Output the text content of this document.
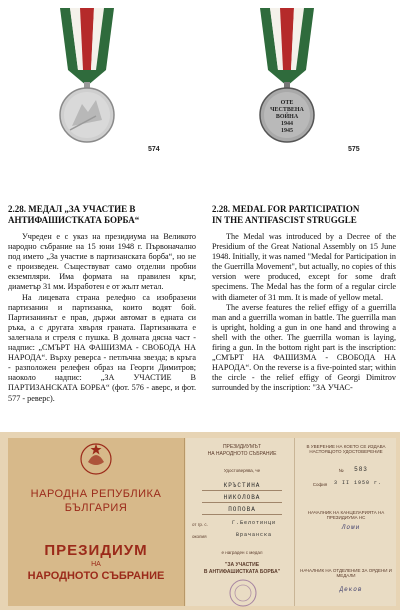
574
ОТЕ
ЧЕСТВЕНА
ВОЙНА
1944
1945
575
2.28. МЕДАЛ „ЗА УЧАСТИЕ В
АНТИФАШИСТКАТА БОРБА“

Учреден е с указ на президиума на Великото народно събрание на 15 юни 1948 г. Първоначално под името „За участие в партизанската борба“, но не е произведен. Съществуват само отделни пробни екземпляри. Има формата на правилен кръг, диаметър 31 мм. Изработен е от жълт метал.

На лицевата страна релефно са изобразени партизанин и партизанка, които водят бой. Партизанинът е прав, държи автомат в едната си ръка, а с другата хвърля граната. Партизанката е залегнала и стреля с пушка. В долната дясна част - надпис: „СМЪРТ НА ФАШИЗМА - СВОБОДА НА НАРОДА“. Върху реверса - петлъчна звезда; в кръга - разположен релефен образ на Георги Димитров; наоколо надпис: „ЗА УЧАСТИЕ В ПАРТИЗАНСКАТА БОРБА“ (фот. 576 - аверс, и фот. 577 - реверс).

2.28. MEDAL FOR PARTICIPATION
IN THE ANTIFASCIST STRUGGLE

The Medal was introduced by a Decree of the Presidium of the Great National Assembly on 15 June 1948. Initially, it was named "Medal for Participation in the Guerrilla Movement", but actually, no copies of this version were produced, except for some draft specimens. The Medal has the form of a regular circle with diameter of 31 mm. It is made of yellow metal.

The averse features the relief effigy of a guerrilla man and a guerrilla woman in battle. The guerrilla man is upright, holding a gun in one hand and throwing a shell with the other. The guerrilla woman is laying, firing a gun. In the bottom right part is the inscription: „СМЪРТ НА ФАШИЗМА - СВОБОДА НА НАРОДА“. On the reverse is a five-pointed star; within the circle - the relief effigy of Georgi Dimitrov surrounded by the inscription: "ЗА УЧАС-

НАРОДНА РЕПУБЛИКА
БЪЛГАРИЯ
ПРЕЗИДИУМ
НА
НАРОДНОТО СЪБРАНИЕ
ПРЕЗИДИУМЪТ
НА НАРОДНОТО СЪБРАНИЕ
Удостоверява, че
КРЪСТИНА
НИКОЛОВА
ПОПОВА
от гр. с.	Г.Белотинци
околия	Врачанска
е награден с медал
"ЗА УЧАСТИЕ
В АНТИФАШИСТКАТА БОРБА"
В УВЕРЕНИЕ НА КОЕТО СЕ ИЗДАВА НАСТОЯЩОТО УДОСТОВЕРЕНИЕ
№	583
София	3 II 1950 г.
НАЧАЛНИК НА КАНЦЕЛАРИЯТА НА ПРЕЗИДИУМА НС
Ломи
НАЧАЛНИК НА ОТДЕЛЕНИЕ ЗА ОРДЕНИ И МЕДАЛИ
Деков
